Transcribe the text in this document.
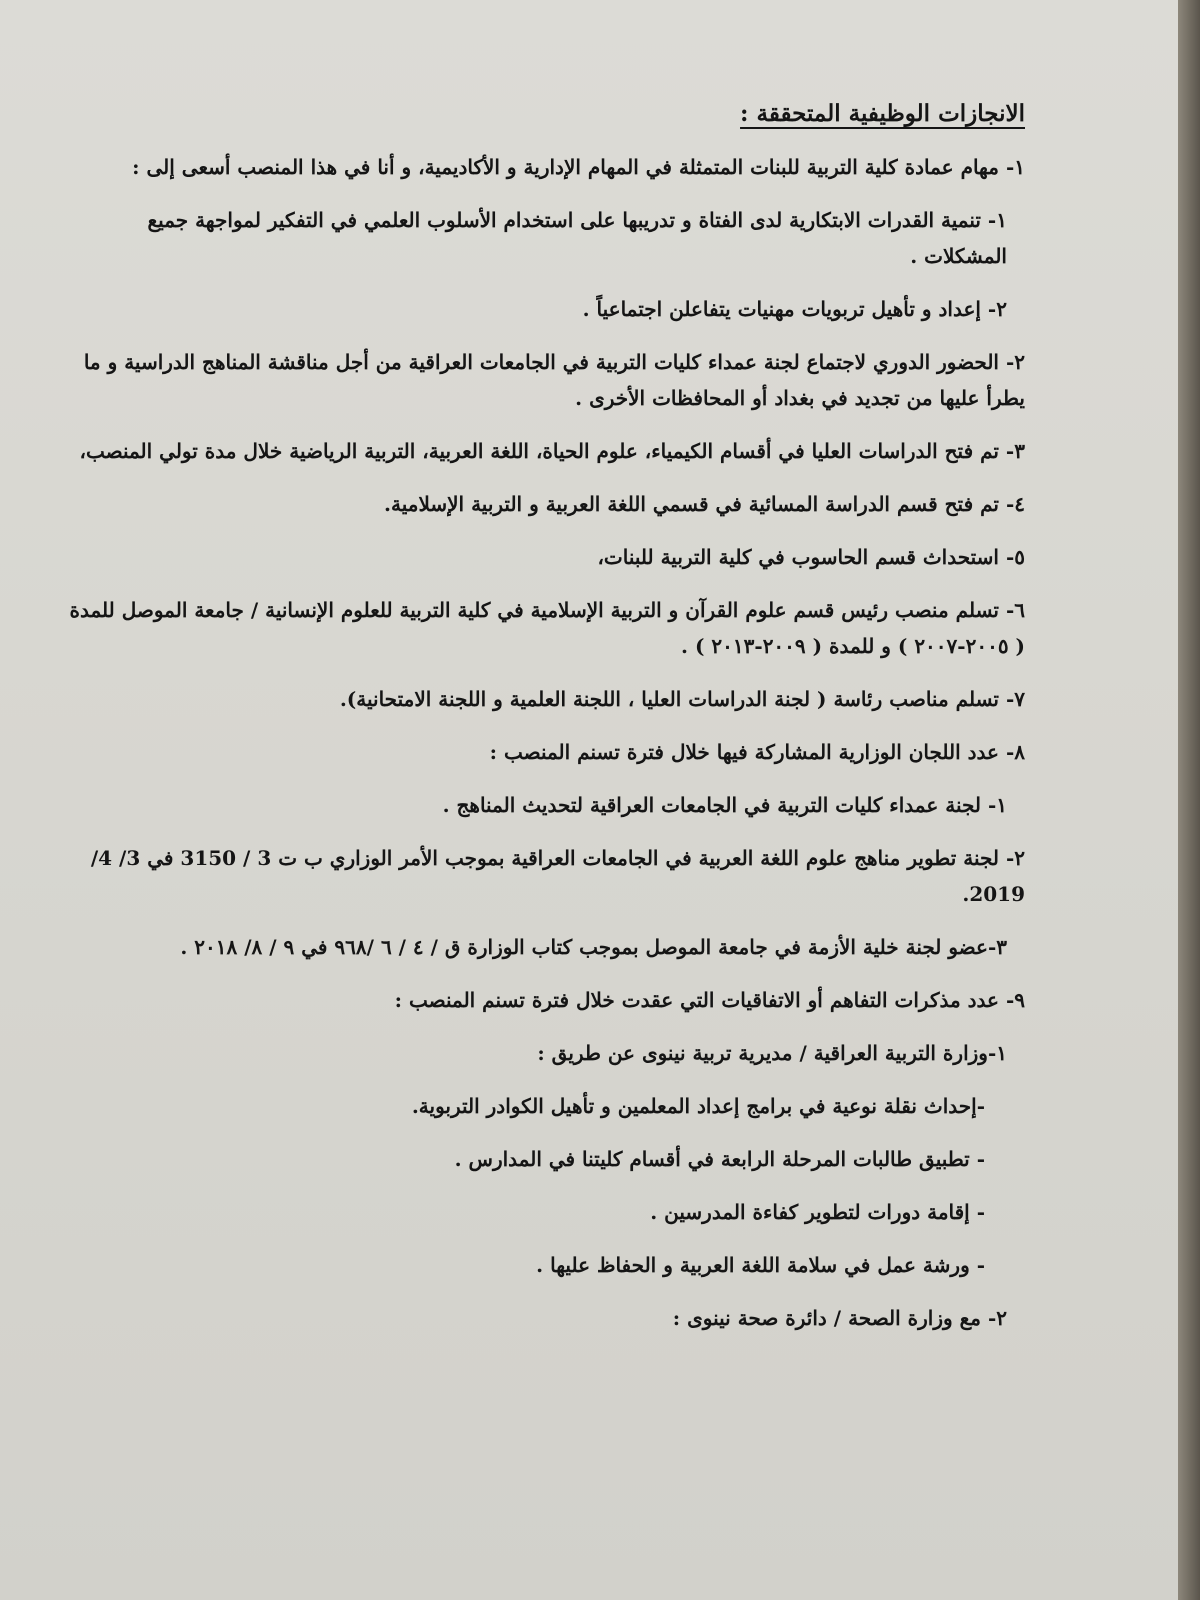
الانجازات الوظيفية المتحققة :
١- مهام عمادة كلية التربية للبنات المتمثلة في المهام الإدارية و الأكاديمية، و أنا في هذا المنصب أسعى إلى :
١- تنمية القدرات الابتكارية لدى الفتاة و تدريبها على استخدام الأسلوب العلمي في التفكير لمواجهة جميع المشكلات .
٢- إعداد و تأهيل تربويات مهنيات يتفاعلن اجتماعياً .
٢- الحضور الدوري لاجتماع لجنة عمداء كليات التربية في الجامعات العراقية من أجل مناقشة المناهج الدراسية و ما يطرأ عليها من تجديد في بغداد أو المحافظات الأخرى .
٣- تم فتح الدراسات العليا في أقسام الكيمياء، علوم الحياة، اللغة العربية، التربية الرياضية خلال مدة تولي المنصب،
٤- تم فتح قسم الدراسة المسائية في قسمي اللغة العربية و التربية الإسلامية.
٥- استحداث قسم الحاسوب في كلية التربية للبنات،
٦- تسلم منصب رئيس قسم علوم القرآن و التربية الإسلامية في كلية التربية للعلوم الإنسانية / جامعة الموصل للمدة ( ٢٠٠٥-٢٠٠٧ ) و للمدة ( ٢٠٠٩-٢٠١٣ ) .
٧- تسلم مناصب رئاسة ( لجنة الدراسات العليا ، اللجنة العلمية و اللجنة الامتحانية).
٨- عدد اللجان الوزارية المشاركة فيها خلال فترة تسنم المنصب :
١- لجنة عمداء كليات التربية في الجامعات العراقية لتحديث المناهج .
٢- لجنة تطوير مناهج علوم اللغة العربية في الجامعات العراقية بموجب الأمر الوزاري ب ت 3 / 3150 في 3/ 4/ 2019.
٣-عضو لجنة خلية الأزمة في جامعة الموصل بموجب كتاب الوزارة ق / ٤ / ٦ /٩٦٨ في ٩ / ٨/ ٢٠١٨ .
٩- عدد مذكرات التفاهم أو الاتفاقيات التي عقدت خلال فترة تسنم المنصب :
١-وزارة التربية العراقية / مديرية تربية نينوى عن طريق :
-إحداث نقلة نوعية في برامج إعداد المعلمين و تأهيل الكوادر التربوية.
- تطبيق طالبات المرحلة الرابعة في أقسام كليتنا في المدارس .
- إقامة دورات لتطوير كفاءة المدرسين .
- ورشة عمل في سلامة اللغة العربية و الحفاظ عليها .
٢- مع وزارة الصحة / دائرة صحة نينوى :
